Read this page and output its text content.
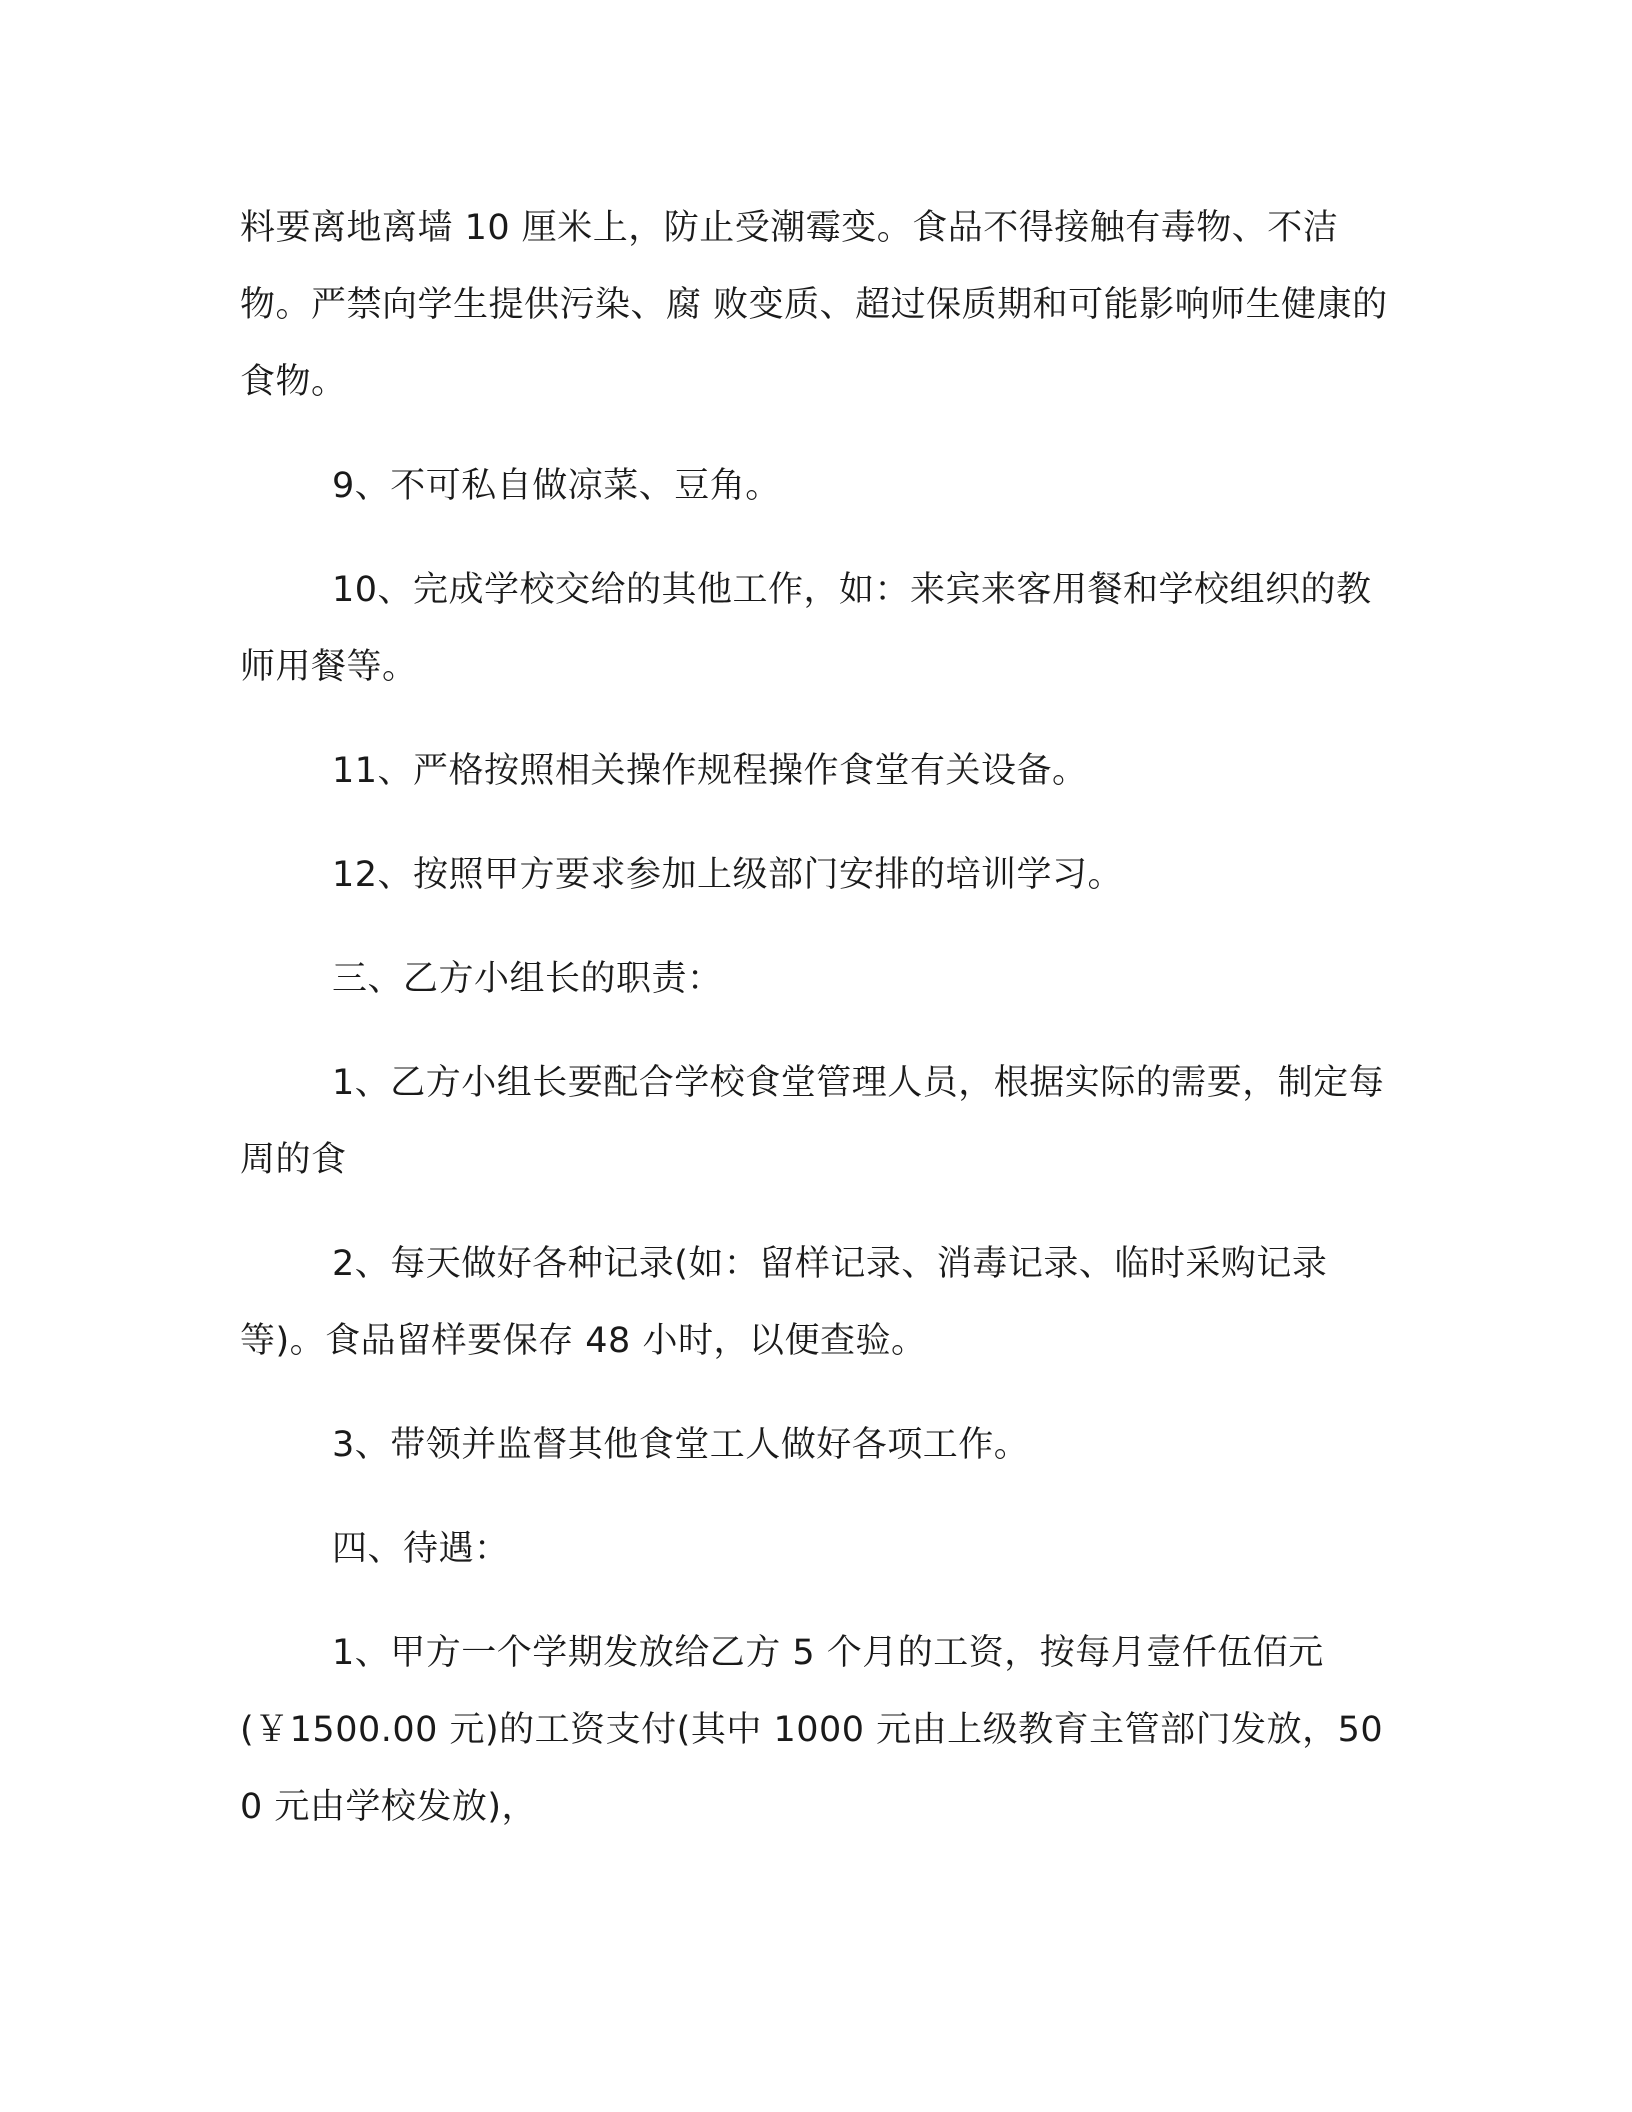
料要离地离墙 10 厘米上，防止受潮霉变。食品不得接触有毒物、不洁物。严禁向学生提供污染、腐 败变质、超过保质期和可能影响师生健康的食物。

9、不可私自做凉菜、豆角。

10、完成学校交给的其他工作，如：来宾来客用餐和学校组织的教师用餐等。

11、严格按照相关操作规程操作食堂有关设备。

12、按照甲方要求参加上级部门安排的培训学习。

三、乙方小组长的职责：

1、乙方小组长要配合学校食堂管理人员，根据实际的需要，制定每周的食

2、每天做好各种记录(如：留样记录、消毒记录、临时采购记录等)。食品留样要保存 48 小时，以便查验。

3、带领并监督其他食堂工人做好各项工作。

四、待遇：

1、甲方一个学期发放给乙方 5 个月的工资，按每月壹仟伍佰元(￥1500.00 元)的工资支付(其中 1000 元由上级教育主管部门发放，500 元由学校发放)，
